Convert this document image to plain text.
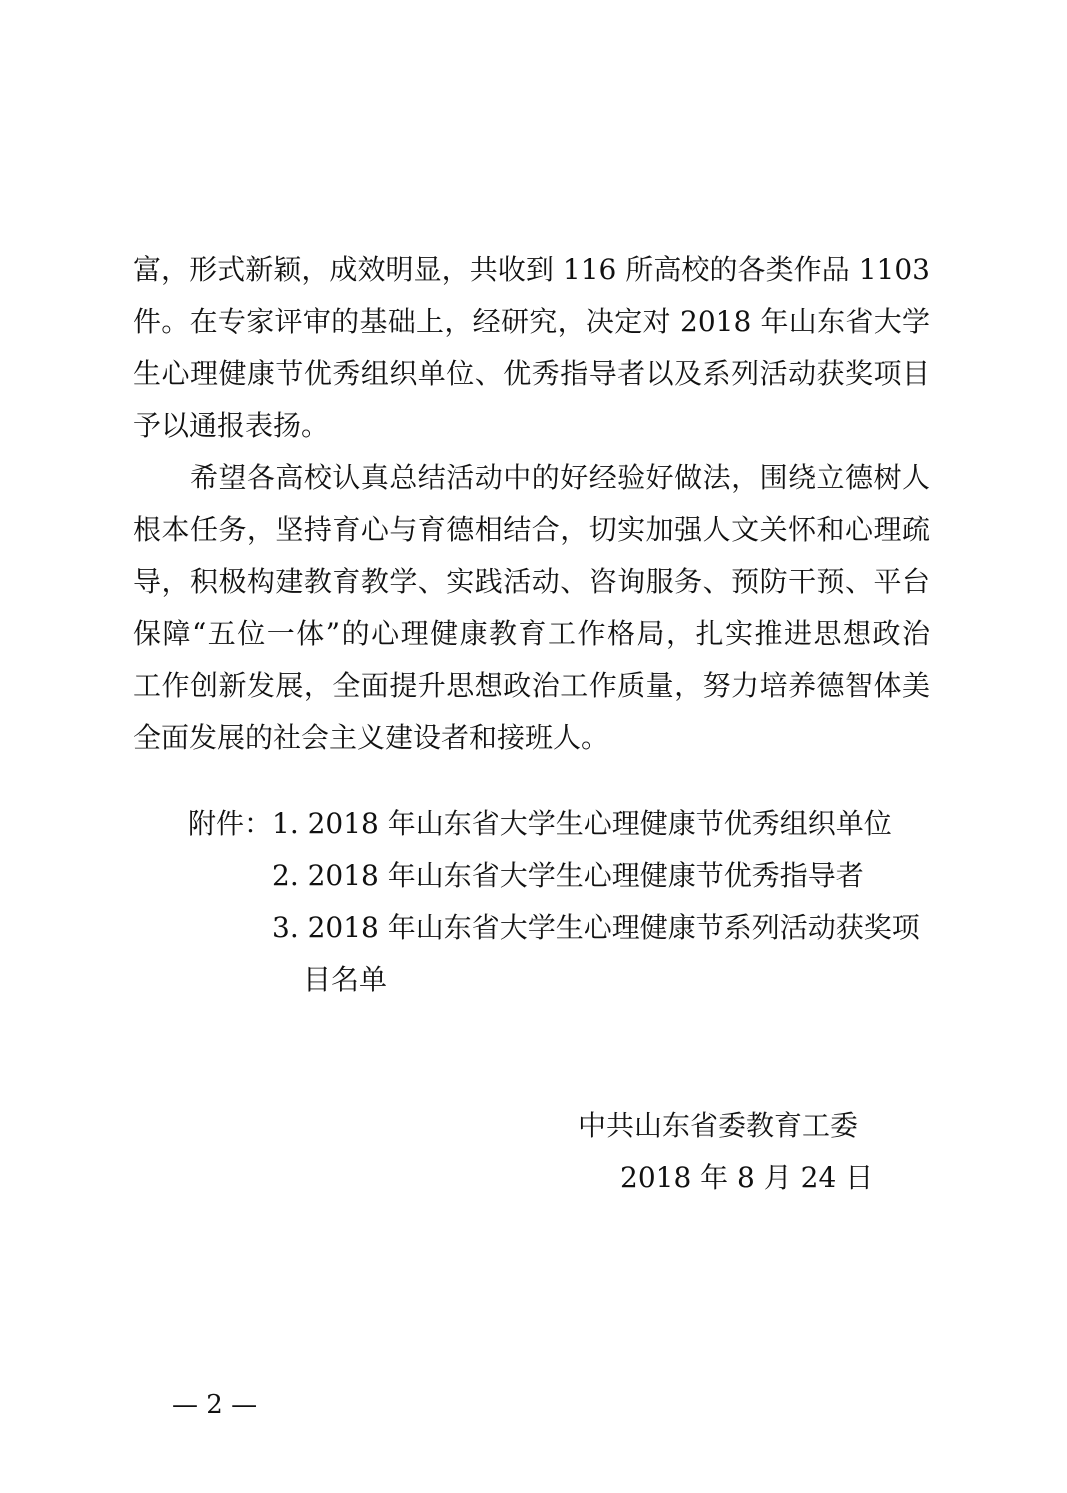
富，形式新颖，成效明显，共收到 116 所高校的各类作品 1103
件。在专家评审的基础上，经研究，决定对 2018 年山东省大学
生心理健康节优秀组织单位、优秀指导者以及系列活动获奖项目
予以通报表扬。
　　希望各高校认真总结活动中的好经验好做法，围绕立德树人
根本任务，坚持育心与育德相结合，切实加强人文关怀和心理疏
导，积极构建教育教学、实践活动、咨询服务、预防干预、平台
保障“五位一体”的心理健康教育工作格局，扎实推进思想政治
工作创新发展，全面提升思想政治工作质量，努力培养德智体美
全面发展的社会主义建设者和接班人。
附件： 1. 2018 年山东省大学生心理健康节优秀组织单位
2. 2018 年山东省大学生心理健康节优秀指导者
3. 2018 年山东省大学生心理健康节系列活动获奖项
目名单
中共山东省委教育工委
2018 年 8 月 24 日
— 2 —
